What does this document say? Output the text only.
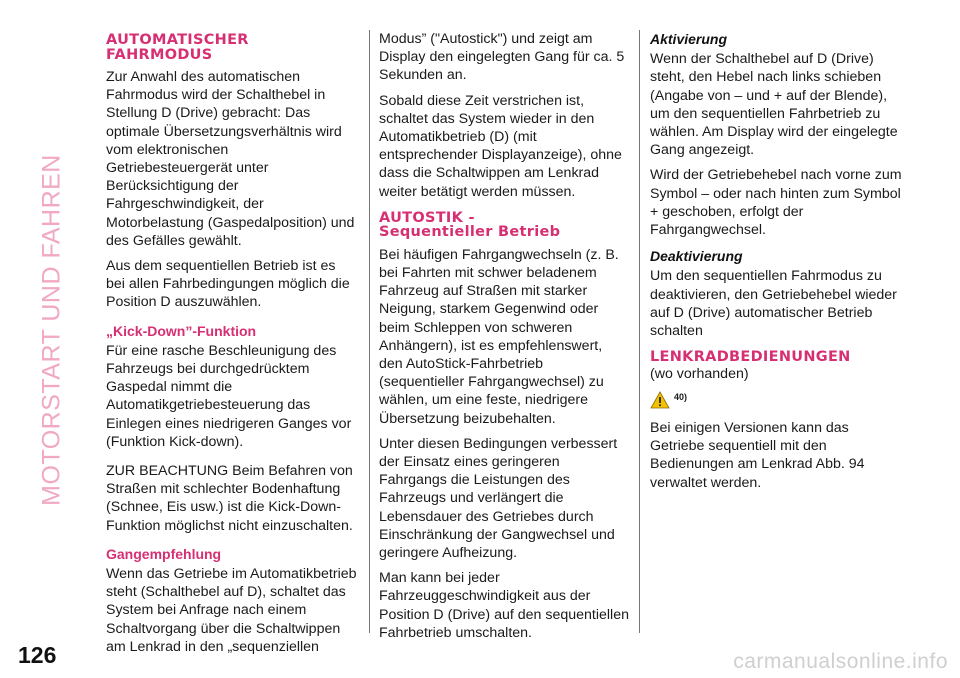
MOTORSTART UND FAHREN
AUTOMATISCHER
FAHRMODUS

Zur Anwahl des automatischen Fahrmodus wird der Schalthebel in Stellung D (Drive) gebracht: Das optimale Übersetzungsverhältnis wird vom elektronischen Getriebesteuergerät unter Berücksichtigung der Fahrgeschwindigkeit, der Motorbelastung (Gaspedalposition) und des Gefälles gewählt.

Aus dem sequentiellen Betrieb ist es bei allen Fahrbedingungen möglich die Position D auszuwählen.

„Kick-Down”-Funktion

Für eine rasche Beschleunigung des Fahrzeugs bei durchgedrücktem Gaspedal nimmt die Automatikgetriebesteuerung das Einlegen eines niedrigeren Ganges vor (Funktion Kick-down).

ZUR BEACHTUNG Beim Befahren von Straßen mit schlechter Bodenhaftung (Schnee, Eis usw.) ist die Kick-Down-Funktion möglichst nicht einzuschalten.

Gangempfehlung

Wenn das Getriebe im Automatikbetrieb steht (Schalthebel auf D), schaltet das System bei Anfrage nach einem Schaltvorgang über die Schaltwippen am Lenkrad in den „sequenziellen

Modus” ("Autostick") und zeigt am Display den eingelegten Gang für ca. 5 Sekunden an.

Sobald diese Zeit verstrichen ist, schaltet das System wieder in den Automatikbetrieb (D) (mit entsprechender Displayanzeige), ohne dass die Schaltwippen am Lenkrad weiter betätigt werden müssen.

AUTOSTIK -
Sequentieller Betrieb

Bei häufigen Fahrgangwechseln (z. B. bei Fahrten mit schwer beladenem Fahrzeug auf Straßen mit starker Neigung, starkem Gegenwind oder beim Schleppen von schweren Anhängern), ist es empfehlenswert, den AutoStick-Fahrbetrieb (sequentieller Fahrgangwechsel) zu wählen, um eine feste, niedrigere Übersetzung beizubehalten.

Unter diesen Bedingungen verbessert der Einsatz eines geringeren Fahrgangs die Leistungen des Fahrzeugs und verlängert die Lebensdauer des Getriebes durch Einschränkung der Gangwechsel und geringere Aufheizung.

Man kann bei jeder Fahrzeuggeschwindigkeit aus der Position D (Drive) auf den sequentiellen Fahrbetrieb umschalten.

Aktivierung

Wenn der Schalthebel auf D (Drive) steht, den Hebel nach links schieben (Angabe von – und + auf der Blende), um den sequentiellen Fahrbetrieb zu wählen. Am Display wird der eingelegte Gang angezeigt.

Wird der Getriebehebel nach vorne zum Symbol – oder nach hinten zum Symbol + geschoben, erfolgt der Fahrgangwechsel.

Deaktivierung

Um den sequentiellen Fahrmodus zu deaktivieren, den Getriebehebel wieder auf D (Drive) automatischer Betrieb schalten

LENKRADBEDIENUNGEN
(wo vorhanden)
40)

Bei einigen Versionen kann das Getriebe sequentiell mit den Bedienungen am Lenkrad Abb. 94 verwaltet werden.

126	carmanualsonline.info
